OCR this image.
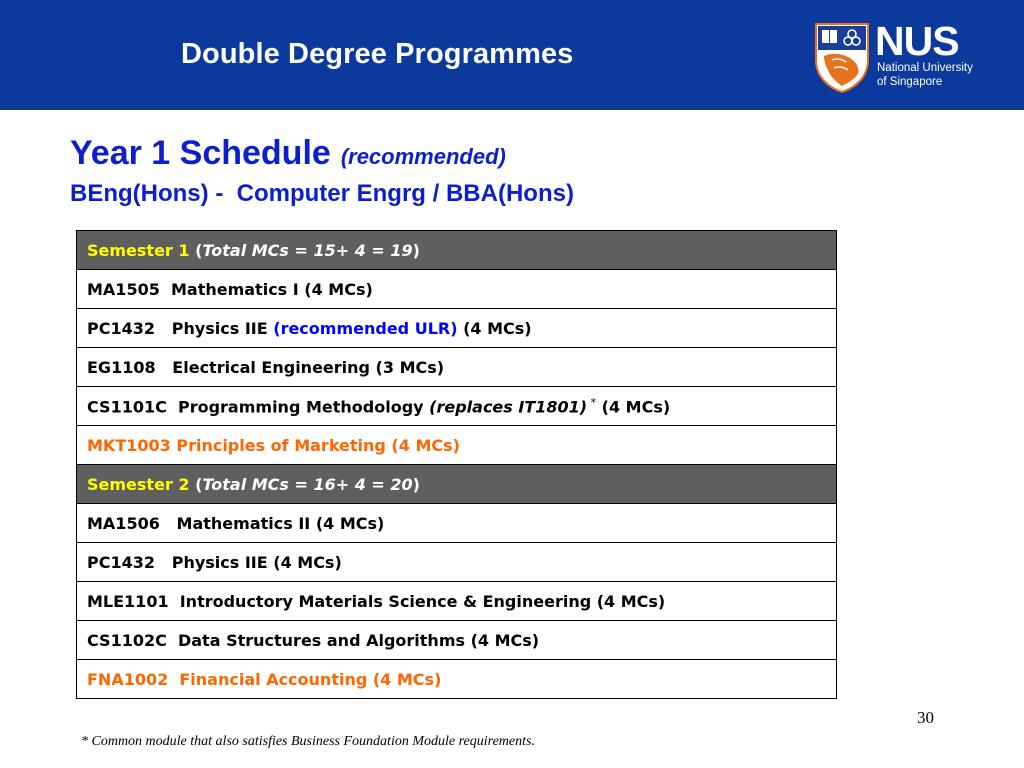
Double Degree Programmes	NUS
National University
of Singapore
Year 1 Schedule (recommended)
BEng(Hons) -  Computer Engrg / BBA(Hons)
Semester 1 (Total MCs = 15+ 4 = 19)
MA1505  Mathematics I (4 MCs)
PC1432   Physics IIE (recommended ULR) (4 MCs)
EG1108   Electrical Engineering (3 MCs)
CS1101C  Programming Methodology (replaces IT1801) * (4 MCs)
MKT1003 Principles of Marketing (4 MCs)
Semester 2 (Total MCs = 16+ 4 = 20)
MA1506   Mathematics II (4 MCs)
PC1432   Physics IIE (4 MCs)
MLE1101  Introductory Materials Science & Engineering (4 MCs)
CS1102C  Data Structures and Algorithms (4 MCs)
FNA1002  Financial Accounting (4 MCs)
30
* Common module that also satisfies Business Foundation Module requirements.
